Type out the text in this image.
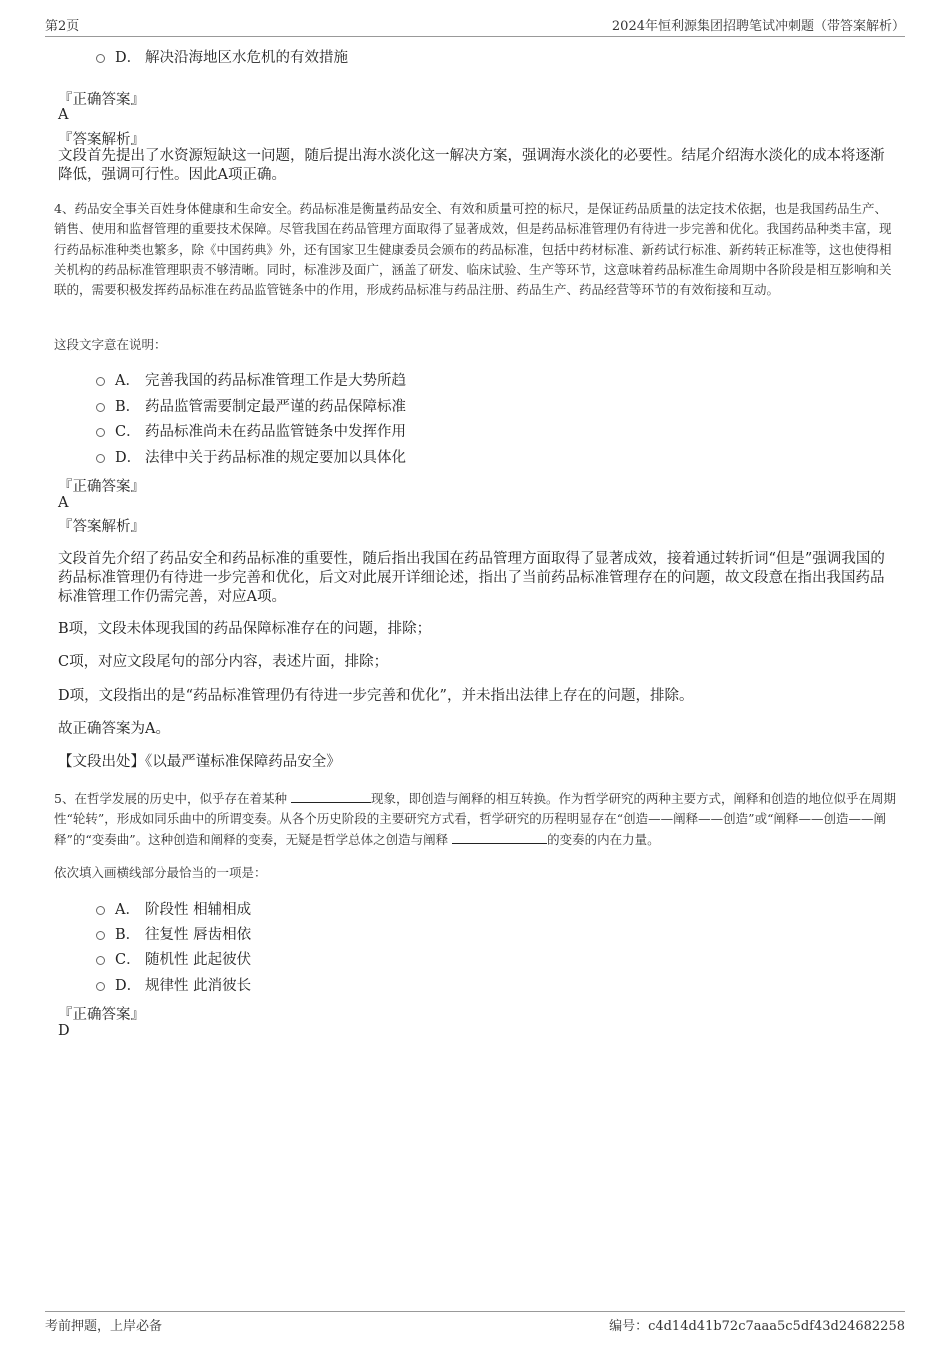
第2页	2024年恒利源集团招聘笔试冲刺题（带答案解析）
D． 解决沿海地区水危机的有效措施
『正确答案』
A
『答案解析』
文段首先提出了水资源短缺这一问题，随后提出海水淡化这一解决方案，强调海水淡化的必要性。结尾介绍海水淡化的成本将逐渐降低，强调可行性。因此A项正确。
4、药品安全事关百姓身体健康和生命安全。药品标准是衡量药品安全、有效和质量可控的标尺，是保证药品质量的法定技术依据，也是我国药品生产、销售、使用和监督管理的重要技术保障。尽管我国在药品管理方面取得了显著成效，但是药品标准管理仍有待进一步完善和优化。我国药品种类丰富，现行药品标准种类也繁多，除《中国药典》外，还有国家卫生健康委员会颁布的药品标准，包括中药材标准、新药试行标准、新药转正标准等，这也使得相关机构的药品标准管理职责不够清晰。同时，标准涉及面广，涵盖了研发、临床试验、生产等环节，这意味着药品标准生命周期中各阶段是相互影响和关联的，需要积极发挥药品标准在药品监管链条中的作用，形成药品标准与药品注册、药品生产、药品经营等环节的有效衔接和互动。
这段文字意在说明：
A． 完善我国的药品标准管理工作是大势所趋
B． 药品监管需要制定最严谨的药品保障标准
C． 药品标准尚未在药品监管链条中发挥作用
D． 法律中关于药品标准的规定要加以具体化
『正确答案』
A
『答案解析』
文段首先介绍了药品安全和药品标准的重要性，随后指出我国在药品管理方面取得了显著成效，接着通过转折词“但是”强调我国的药品标准管理仍有待进一步完善和优化，后文对此展开详细论述，指出了当前药品标准管理存在的问题，故文段意在指出我国药品标准管理工作仍需完善，对应A项。
B项，文段未体现我国的药品保障标准存在的问题，排除；
C项，对应文段尾句的部分内容，表述片面，排除；
D项，文段指出的是“药品标准管理仍有待进一步完善和优化”，并未指出法律上存在的问题，排除。
故正确答案为A。
【文段出处】《以最严谨标准保障药品安全》
5、在哲学发展的历史中，似乎存在着某种	现象，即创造与阐释的相互转换。作为哲学研究的两种主要方式，阐释和创造的地位似乎在周期性“轮转”，形成如同乐曲中的所谓变奏。从各个历史阶段的主要研究方式看，哲学研究的历程明显存在“创造——阐释——创造”或“阐释——创造——阐释”的“变奏曲”。这种创造和阐释的变奏，无疑是哲学总体之创造与阐释	的变奏的内在力量。
依次填入画横线部分最恰当的一项是：
A． 阶段性 相辅相成
B． 往复性 唇齿相依
C． 随机性 此起彼伏
D． 规律性 此消彼长
『正确答案』
D
考前押题，上岸必备	编号：c4d14d41b72c7aaa5c5df43d24682258
